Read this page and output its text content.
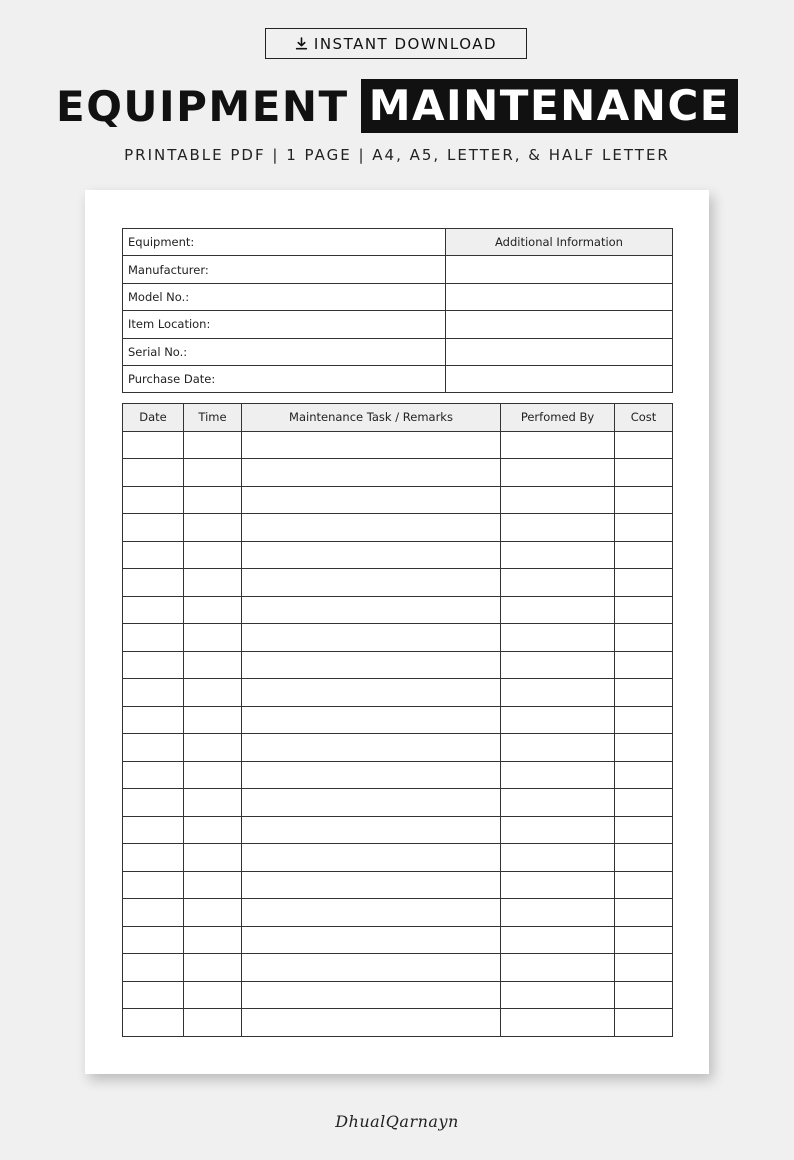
INSTANT DOWNLOAD
EQUIPMENT MAINTENANCE
PRINTABLE PDF | 1 PAGE | A4, A5, LETTER, & HALF LETTER
Equipment:	Additional Information
Manufacturer:	
Model No.:	
Item Location:	
Serial No.:	
Purchase Date:	
Date	Time	Maintenance Task / Remarks	Perfomed By	Cost

DhualQarnayn
